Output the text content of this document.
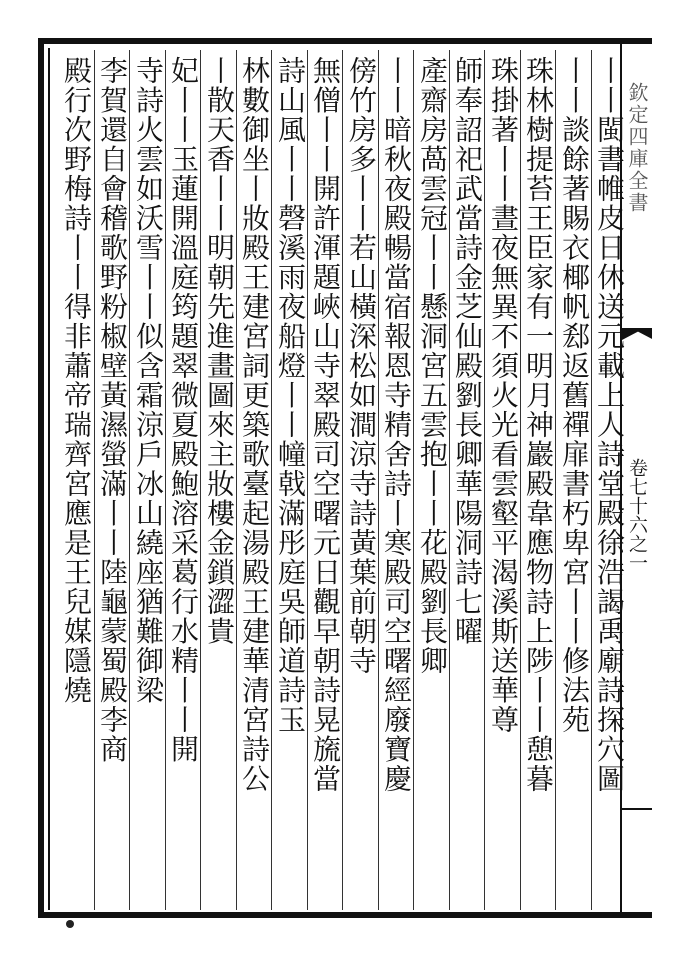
欽定四庫全書
卷七十六之一
丨丨閩書帷皮日休送元載上人詩堂殿徐浩謁禹廟詩探穴圖
丨丨談餘著賜衣椰帆郄返舊禪扉書朽卑宮丨丨修法苑
珠林樹提苔王臣家有一明月神巖殿韋應物詩上陟丨丨憩暮
珠掛著丨丨晝夜無異不須火光看雲壑平渴溪斯送華尊
師奉詔祀武當詩金芝仙殿劉長卿華陽洞詩七曜
產齋房萵雲冠丨丨懸洞宮五雲抱丨丨花殿劉長卿
丨丨暗秋夜殿暢當宿報恩寺精舍詩丨寒殿司空曙經廢寶慶
傍竹房多丨丨若山橫深松如澗涼寺詩黃葉前朝寺
無僧丨丨開許渾題峽山寺翠殿司空曙元日觀早朝詩晃旒當
詩山風丨丨磬溪雨夜船燈丨丨幢戟滿彤庭吳師道詩玉
林數御坐丨妝殿王建宮詞更築歌臺起湯殿王建華清宮詩公
丨散天香丨丨明朝先進畫圖來主妝樓金鎖澀貴
妃丨丨玉蓮開溫庭筠題翠微夏殿鮑溶采葛行水精丨丨開
寺詩火雲如沃雪丨丨似含霜涼戶冰山繞座猶難御梁
李賀還自會稽歌野粉椒壁黃濕螢滿丨丨陸龜蒙蜀殿李商
殿行次野梅詩丨丨得非蕭帝瑞齊宮應是王兒媒隱燒
